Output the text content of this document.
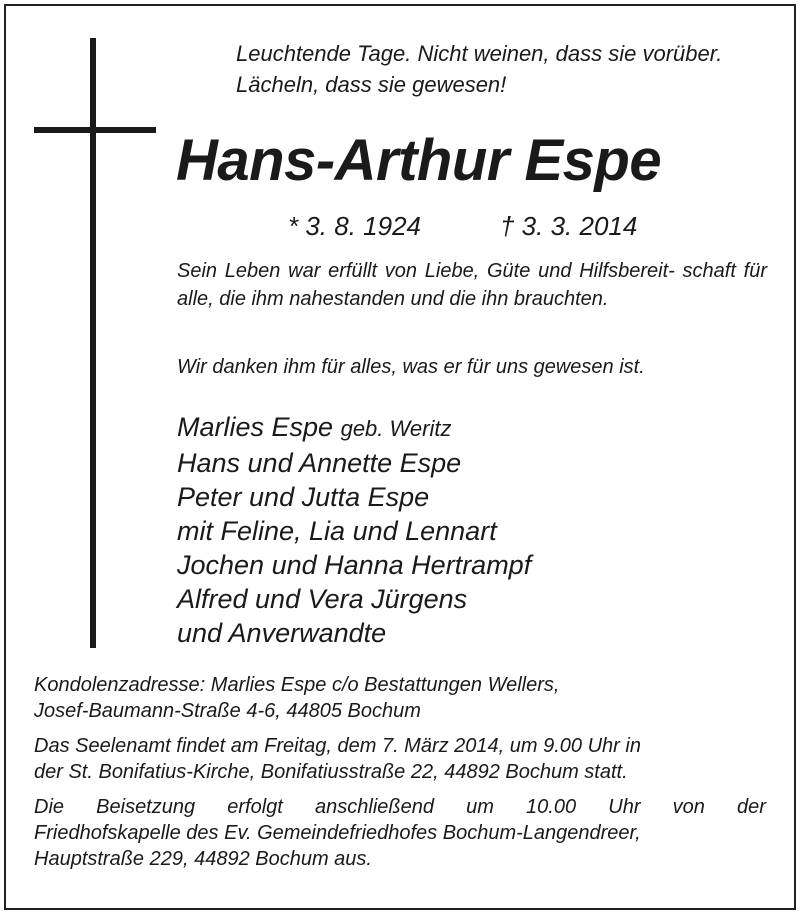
Leuchtende Tage. Nicht weinen, dass sie vorüber.
Lächeln, dass sie gewesen!
Hans-Arthur Espe
* 3. 8. 1924	† 3. 3. 2014
Sein Leben war erfüllt von Liebe, Güte und Hilfsbereit- schaft für alle, die ihm nahestanden und die ihn brauchten.
Wir danken ihm für alles, was er für uns gewesen ist.
Marlies Espe geb. Weritz
Hans und Annette Espe
Peter und Jutta Espe
mit Feline, Lia und Lennart
Jochen und Hanna Hertrampf
Alfred und Vera Jürgens
und Anverwandte
Kondolenzadresse: Marlies Espe c/o Bestattungen Wellers,
Josef-Baumann-Straße 4-6, 44805 Bochum
Das Seelenamt findet am Freitag, dem 7. März 2014, um 9.00 Uhr in
der St. Bonifatius-Kirche, Bonifatiusstraße 22, 44892 Bochum statt.
Die Beisetzung erfolgt anschließend um 10.00 Uhr von der
Friedhofskapelle des Ev. Gemeindefriedhofes Bochum-Langendreer,
Hauptstraße 229, 44892 Bochum aus.
